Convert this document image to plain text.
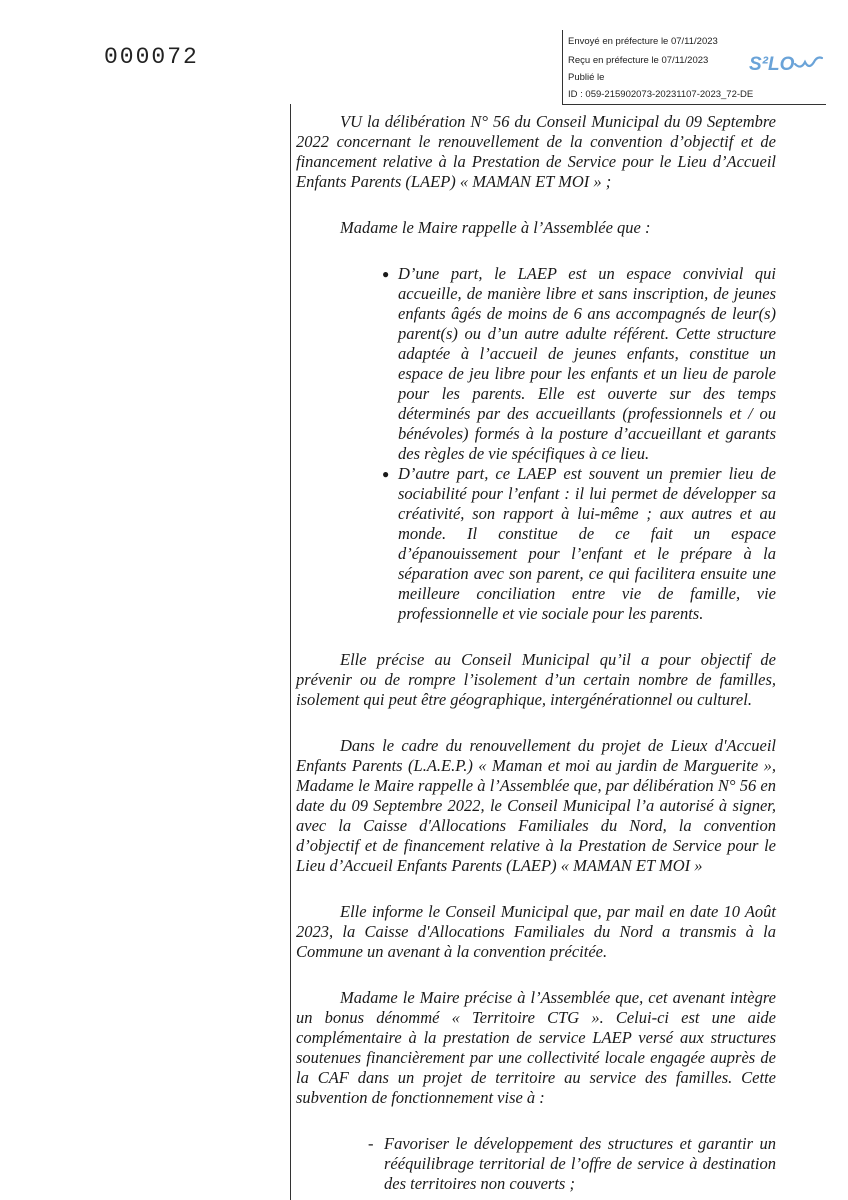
000072
Envoyé en préfecture le 07/11/2023
Reçu en préfecture le 07/11/2023
Publié le
ID : 059-215902073-20231107-2023_72-DE
S²LO

VU la délibération N° 56 du Conseil Municipal du 09 Septembre 2022 concernant le renouvellement de la convention d’objectif et de financement relative à la Prestation de Service pour le Lieu d’Accueil Enfants Parents (LAEP) « MAMAN ET MOI » ;

Madame le Maire rappelle à l’Assemblée que :

● D’une part, le LAEP est un espace convivial qui accueille, de manière libre et sans inscription, de jeunes enfants âgés de moins de 6 ans accompagnés de leur(s) parent(s) ou d’un autre adulte référent. Cette structure adaptée à l’accueil de jeunes enfants, constitue un espace de jeu libre pour les enfants et un lieu de parole pour les parents. Elle est ouverte sur des temps déterminés par des accueillants (professionnels et / ou bénévoles) formés à la posture d’accueillant et garants des règles de vie spécifiques à ce lieu.
● D’autre part, ce LAEP est souvent un premier lieu de sociabilité pour l’enfant : il lui permet de développer sa créativité, son rapport à lui-même ; aux autres et au monde. Il constitue de ce fait un espace d’épanouissement pour l’enfant et le prépare à la séparation avec son parent, ce qui facilitera ensuite une meilleure conciliation entre vie de famille, vie professionnelle et vie sociale pour les parents.

Elle précise au Conseil Municipal qu’il a pour objectif de prévenir ou de rompre l’isolement d’un certain nombre de familles, isolement qui peut être géographique, intergénérationnel ou culturel.

Dans le cadre du renouvellement du projet de Lieux d'Accueil Enfants Parents (L.A.E.P.) « Maman et moi au jardin de Marguerite », Madame le Maire rappelle à l’Assemblée que, par délibération N° 56 en date du 09 Septembre 2022, le Conseil Municipal l’a autorisé à signer, avec la Caisse d'Allocations Familiales du Nord, la convention d’objectif et de financement relative à la Prestation de Service pour le Lieu d’Accueil Enfants Parents (LAEP) « MAMAN ET MOI »

Elle informe le Conseil Municipal que, par mail en date 10 Août 2023, la Caisse d'Allocations Familiales du Nord a transmis à la Commune un avenant à la convention précitée.

Madame le Maire précise à l’Assemblée que, cet avenant intègre un bonus dénommé « Territoire CTG ». Celui-ci est une aide complémentaire à la prestation de service LAEP versé aux structures soutenues financièrement par une collectivité locale engagée auprès de la CAF dans un projet de territoire au service des familles. Cette subvention de fonctionnement vise à :

- Favoriser le développement des structures et garantir un rééquilibrage territorial de l’offre de service à destination des territoires non couverts ;
